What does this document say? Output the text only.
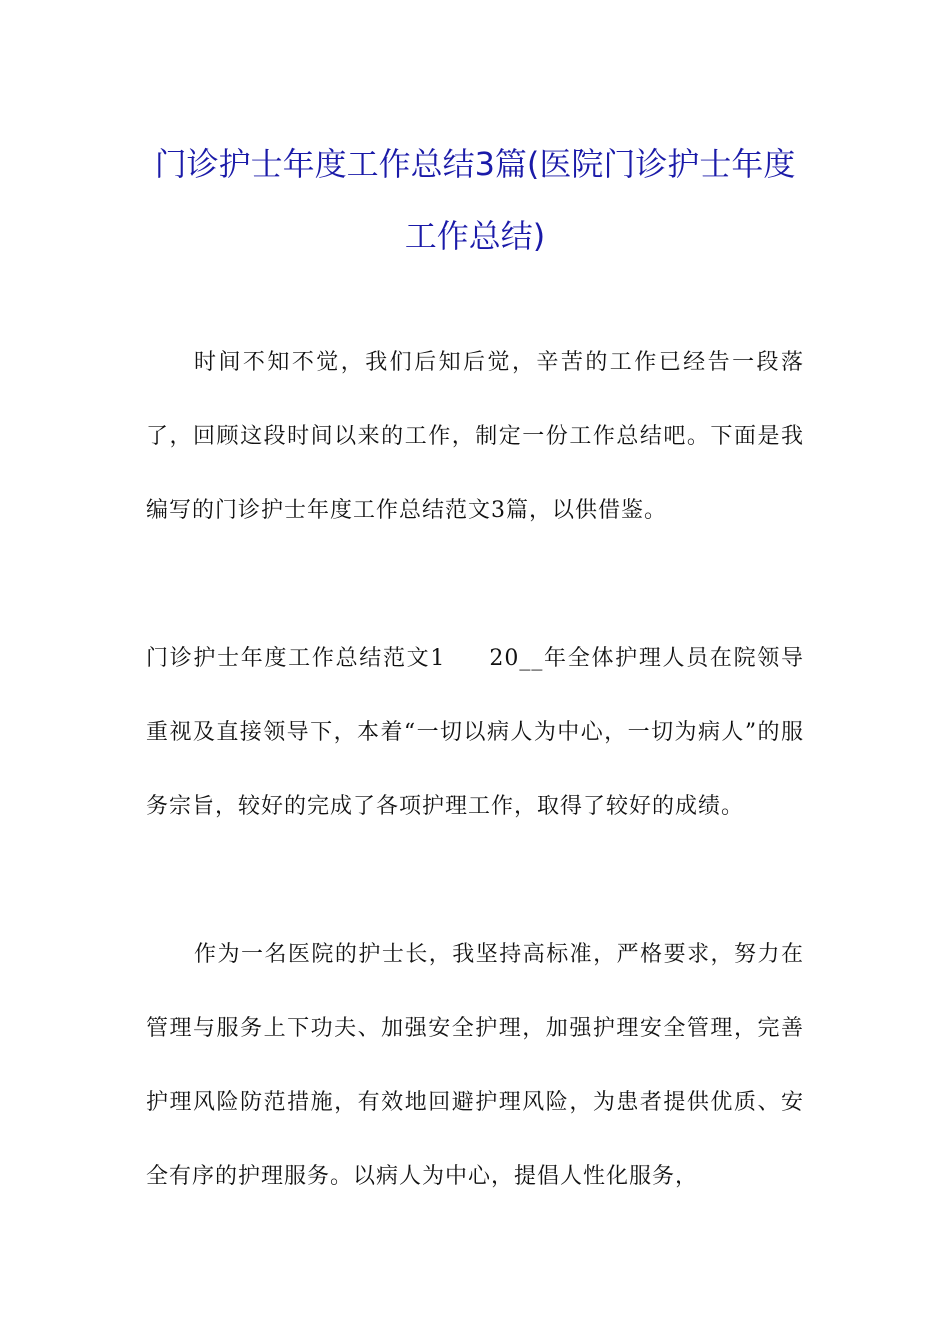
门诊护士年度工作总结3篇(医院门诊护士年度工作总结)

时间不知不觉，我们后知后觉，辛苦的工作已经告一段落了，回顾这段时间以来的工作，制定一份工作总结吧。下面是我编写的门诊护士年度工作总结范文3篇，以供借鉴。

门诊护士年度工作总结范文1 20__年全体护理人员在院领导重视及直接领导下，本着“一切以病人为中心，一切为病人”的服务宗旨，较好的完成了各项护理工作，取得了较好的成绩。

作为一名医院的护士长，我坚持高标准，严格要求，努力在管理与服务上下功夫、加强安全护理，加强护理安全管理，完善护理风险防范措施，有效地回避护理风险，为患者提供优质、安全有序的护理服务。以病人为中心，提倡人性化服务，
